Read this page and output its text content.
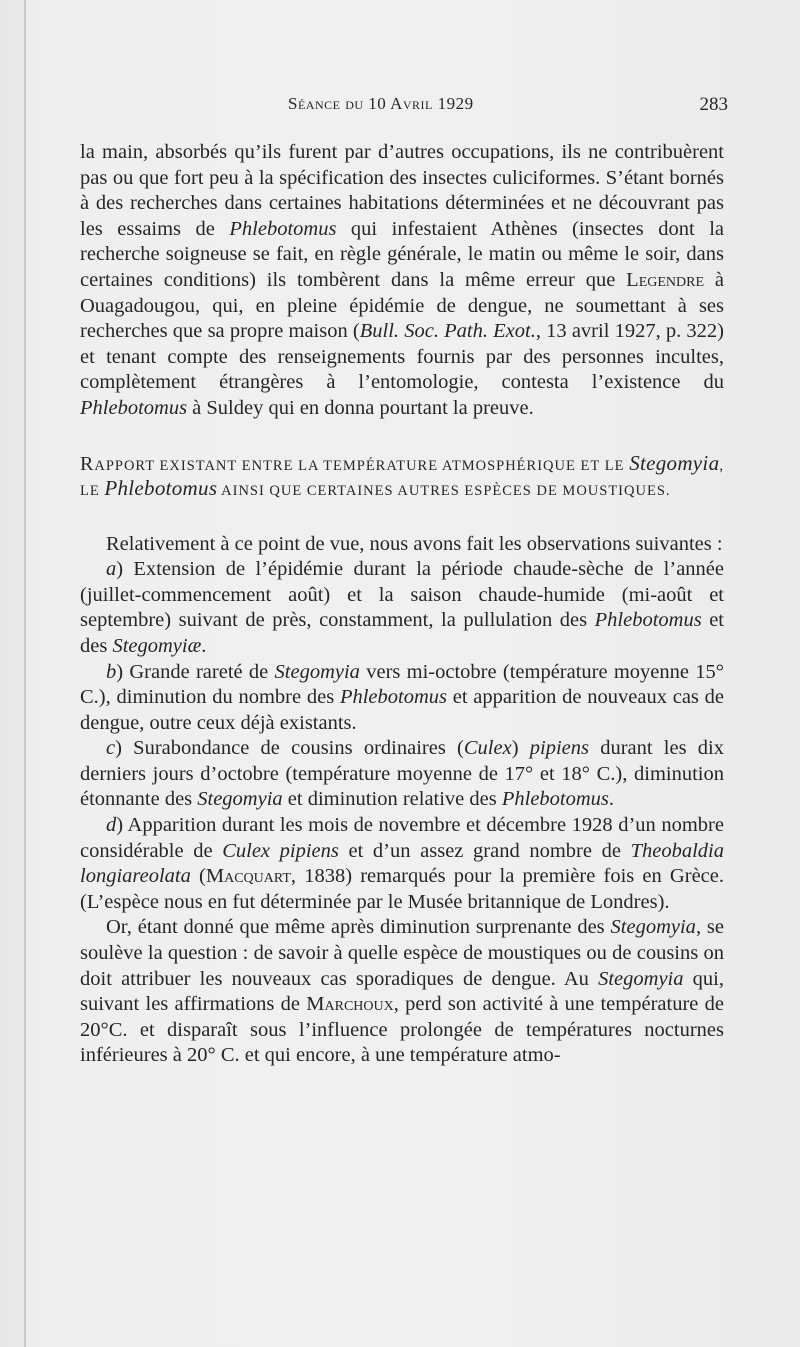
Séance du 10 Avril 1929	283

la main, absorbés qu’ils furent par d’autres occupations, ils ne contribuèrent pas ou que fort peu à la spécification des insectes culiciformes. S’étant bornés à des recherches dans certaines habitations déterminées et ne découvrant pas les essaims de Phlebotomus qui infestaient Athènes (insectes dont la recherche soigneuse se fait, en règle générale, le matin ou même le soir, dans certaines conditions) ils tombèrent dans la même erreur que Legendre à Ouagadougou, qui, en pleine épidémie de dengue, ne soumettant à ses recherches que sa propre maison (Bull. Soc. Path. Exot., 13 avril 1927, p. 322) et tenant compte des renseignements fournis par des personnes incultes, complètement étrangères à l’entomologie, contesta l’existence du Phlebotomus à Suldey qui en donna pourtant la preuve.

RAPPORT EXISTANT ENTRE LA TEMPÉRATURE ATMOSPHÉRIQUE ET LE Stegomyia, LE Phlebotomus AINSI QUE CERTAINES AUTRES ESPÈCES DE MOUSTIQUES.

Relativement à ce point de vue, nous avons fait les observations suivantes :

a) Extension de l’épidémie durant la période chaude-sèche de l’année (juillet-commencement août) et la saison chaude-humide (mi-août et septembre) suivant de près, constamment, la pullulation des Phlebotomus et des Stegomyiæ.

b) Grande rareté de Stegomyia vers mi-octobre (température moyenne 15° C.), diminution du nombre des Phlebotomus et apparition de nouveaux cas de dengue, outre ceux déjà existants.

c) Surabondance de cousins ordinaires (Culex) pipiens durant les dix derniers jours d’octobre (température moyenne de 17° et 18° C.), diminution étonnante des Stegomyia et diminution relative des Phlebotomus.

d) Apparition durant les mois de novembre et décembre 1928 d’un nombre considérable de Culex pipiens et d’un assez grand nombre de Theobaldia longiareolata (Macquart, 1838) remarqués pour la première fois en Grèce. (L’espèce nous en fut déterminée par le Musée britannique de Londres).

Or, étant donné que même après diminution surprenante des Stegomyia, se soulève la question : de savoir à quelle espèce de moustiques ou de cousins on doit attribuer les nouveaux cas sporadiques de dengue. Au Stegomyia qui, suivant les affirmations de Marchoux, perd son activité à une température de 20°C. et disparaît sous l’influence prolongée de températures nocturnes inférieures à 20° C. et qui encore, à une température atmo-
